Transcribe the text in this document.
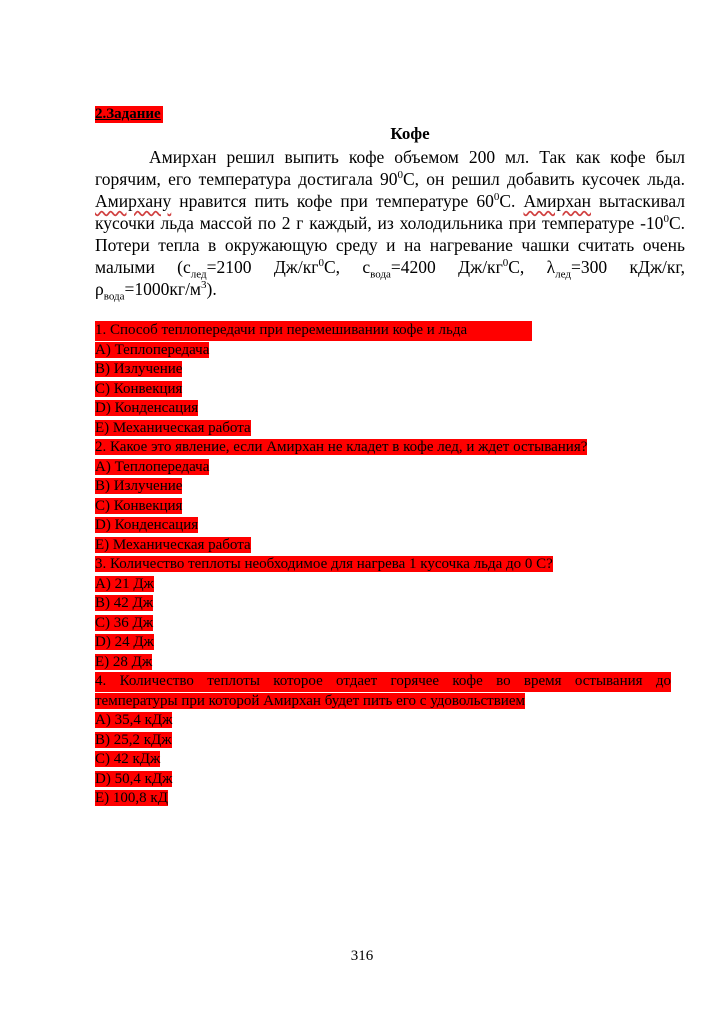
2.Задание
Кофе
Амирхан решил выпить кофе объемом 200 мл. Так как кофе был
горячим, его температура достигала $90^0С$, он решил добавить кусочек льда.
Амирхану нравится пить кофе при температуре $60^0С$. Амирхан вытаскивал
кусочки льда массой по 2 г каждый, из холодильника при температуре $-10^0С$.
Потери тепла в окружающую среду и на нагревание чашки считать очень
малыми ($с_{лед}=2100$ $Дж/кг^0С$, $с_{вода}=4200$ $Дж/кг^0С$, $\lambda_{лед}=300$ кДж/кг,
$\rho_{вода}=1000кг/м^3$).
1. Способ теплопередачи при перемешивании кофе и льда
A) Теплопередача
B) Излучение
C) Конвекция
D) Конденсация
E) Механическая работа
2. Какое это явление, если Амирхан не кладет в кофе лед, и ждет остывания?
A) Теплопередача
B) Излучение
C) Конвекция
D) Конденсация
E) Механическая работа
3. Количество теплоты необходимое для нагрева 1 кусочка льда до 0 С?
A) 21 Дж
B) 42 Дж
C) 36 Дж
D) 24 Дж
E) 28 Дж
4. Количество теплоты которое отдает горячее кофе во время остывания до
температуры при которой Амирхан будет пить его с удовольствием
A) 35,4 кДж
B) 25,2 кДж
C) 42 кДж
D) 50,4 кДж
E) 100,8 кД
316
